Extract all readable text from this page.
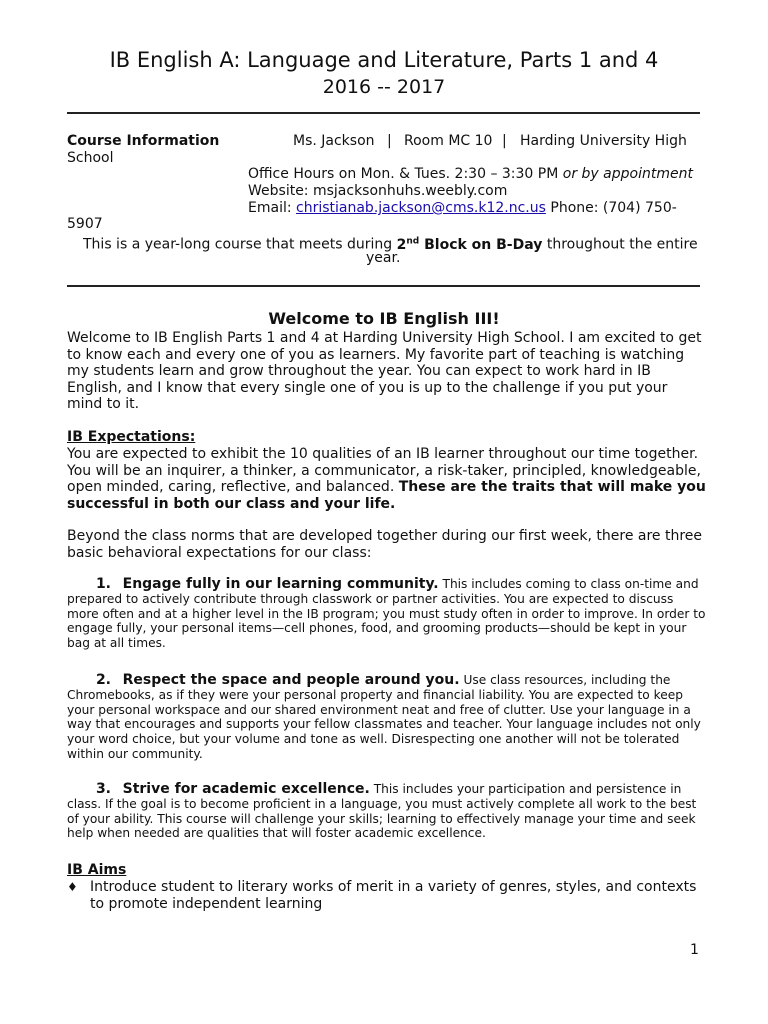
IB English A: Language and Literature, Parts 1 and 4
2016 -- 2017
Course Information	Ms. Jackson | Room MC 10 | Harding University High
School
Office Hours on Mon. & Tues. 2:30 – 3:30 PM or by appointment
Website: msjacksonhuhs.weebly.com
Email: christianab.jackson@cms.k12.nc.us Phone: (704) 750-
5907
This is a year-long course that meets during 2nd Block on B-Day throughout the entire
year.
Welcome to IB English III!
Welcome to IB English Parts 1 and 4 at Harding University High School. I am excited to get to know each and every one of you as learners. My favorite part of teaching is watching my students learn and grow throughout the year. You can expect to work hard in IB English, and I know that every single one of you is up to the challenge if you put your mind to it.
IB Expectations:
You are expected to exhibit the 10 qualities of an IB learner throughout our time together. You will be an inquirer, a thinker, a communicator, a risk-taker, principled, knowledgeable, open minded, caring, reflective, and balanced. These are the traits that will make you successful in both our class and your life.
Beyond the class norms that are developed together during our first week, there are three basic behavioral expectations for our class:
1. Engage fully in our learning community. This includes coming to class on-time and prepared to actively contribute through classwork or partner activities. You are expected to discuss more often and at a higher level in the IB program; you must study often in order to improve. In order to engage fully, your personal items—cell phones, food, and grooming products—should be kept in your bag at all times.
2. Respect the space and people around you. Use class resources, including the Chromebooks, as if they were your personal property and financial liability. You are expected to keep your personal workspace and our shared environment neat and free of clutter. Use your language in a way that encourages and supports your fellow classmates and teacher. Your language includes not only your word choice, but your volume and tone as well. Disrespecting one another will not be tolerated within our community.
3. Strive for academic excellence. This includes your participation and persistence in class. If the goal is to become proficient in a language, you must actively complete all work to the best of your ability. This course will challenge your skills; learning to effectively manage your time and seek help when needed are qualities that will foster academic excellence.
IB Aims
♦ Introduce student to literary works of merit in a variety of genres, styles, and contexts to promote independent learning
1
